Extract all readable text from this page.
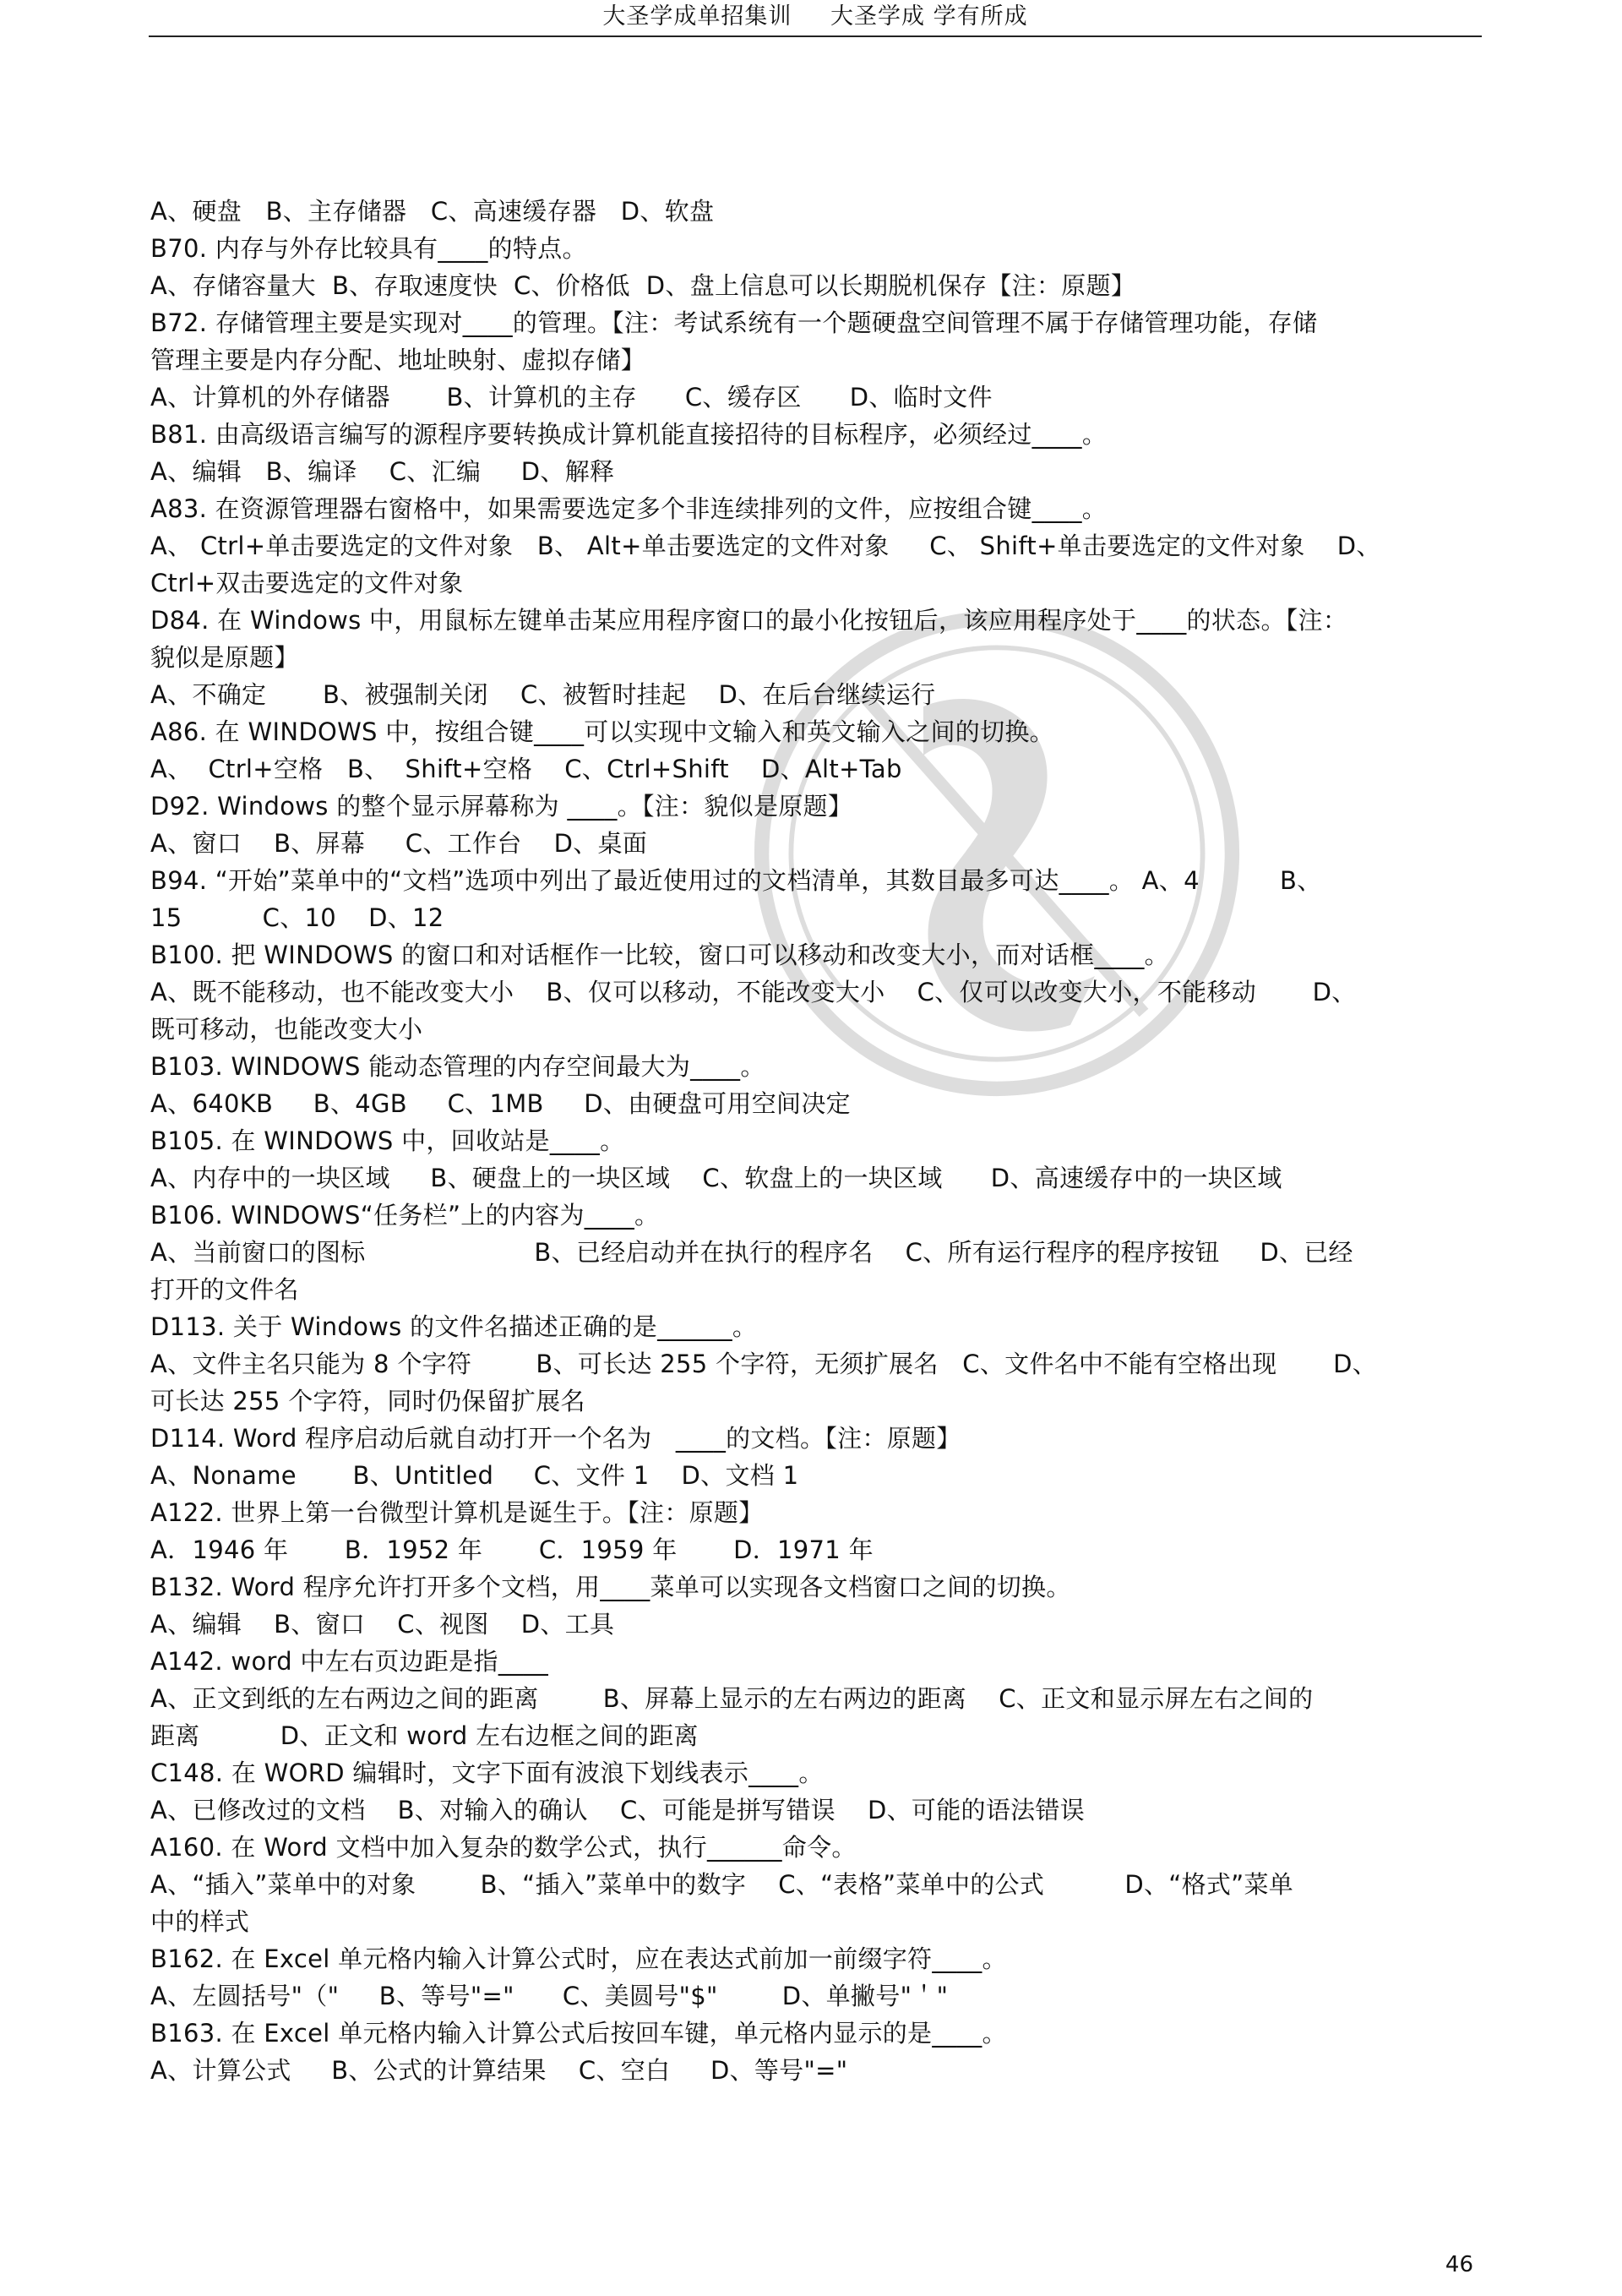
大圣学成单招集训 大圣学成 学有所成
A、硬盘   B、主存储器   C、高速缓存器   D、软盘
B70. 内存与外存比较具有____的特点。
A、存储容量大  B、存取速度快  C、价格低  D、盘上信息可以长期脱机保存【注：原题】
B72. 存储管理主要是实现对____的管理。【注：考试系统有一个题硬盘空间管理不属于存储管理功能，存储
管理主要是内存分配、地址映射、虚拟存储】
A、计算机的外存储器       B、计算机的主存      C、缓存区      D、临时文件
B81. 由高级语言编写的源程序要转换成计算机能直接招待的目标程序，必须经过____。
A、编辑   B、编译    C、汇编     D、解释
A83. 在资源管理器右窗格中，如果需要选定多个非连续排列的文件，应按组合键____。
A、 Ctrl+单击要选定的文件对象   B、 Alt+单击要选定的文件对象     C、 Shift+单击要选定的文件对象    D、
Ctrl+双击要选定的文件对象
D84. 在 Windows 中，用鼠标左键单击某应用程序窗口的最小化按钮后，该应用程序处于____的状态。【注：
貌似是原题】
A、不确定       B、被强制关闭    C、被暂时挂起    D、在后台继续运行
A86. 在 WINDOWS 中，按组合键____可以实现中文输入和英文输入之间的切换。
A、  Ctrl+空格   B、  Shift+空格    C、Ctrl+Shift    D、Alt+Tab
D92. Windows 的整个显示屏幕称为 ____。【注：貌似是原题】
A、窗口    B、屏幕     C、工作台    D、桌面
B94. “开始”菜单中的“文档”选项中列出了最近使用过的文档清单，其数目最多可达____。 A、4          B、
15          C、10    D、12
B100. 把 WINDOWS 的窗口和对话框作一比较，窗口可以移动和改变大小，而对话框____。
A、既不能移动，也不能改变大小    B、仅可以移动，不能改变大小    C、仅可以改变大小，不能移动       D、
既可移动，也能改变大小
B103. WINDOWS 能动态管理的内存空间最大为____。
A、640KB     B、4GB     C、1MB     D、由硬盘可用空间决定
B105. 在 WINDOWS 中，回收站是____。
A、内存中的一块区域     B、硬盘上的一块区域    C、软盘上的一块区域      D、高速缓存中的一块区域
B106. WINDOWS“任务栏”上的内容为____。
A、当前窗口的图标                     B、已经启动并在执行的程序名    C、所有运行程序的程序按钮     D、已经
打开的文件名
D113. 关于 Windows 的文件名描述正确的是______。
A、文件主名只能为 8 个字符        B、可长达 255 个字符，无须扩展名   C、文件名中不能有空格出现       D、
可长达 255 个字符，同时仍保留扩展名
D114. Word 程序启动后就自动打开一个名为   ____的文档。【注：原题】
A、Noname       B、Untitled     C、文件 1    D、文档 1
A122. 世界上第一台微型计算机是诞生于。【注：原题】
A．1946 年       B．1952 年       C．1959 年       D．1971 年
B132. Word 程序允许打开多个文档，用____菜单可以实现各文档窗口之间的切换。
A、编辑    B、窗口    C、视图    D、工具
A142. word 中左右页边距是指____
A、正文到纸的左右两边之间的距离        B、屏幕上显示的左右两边的距离    C、正文和显示屏左右之间的
距离          D、正文和 word 左右边框之间的距离
C148. 在 WORD 编辑时，文字下面有波浪下划线表示____。
A、已修改过的文档    B、对输入的确认    C、可能是拼写错误    D、可能的语法错误
A160. 在 Word 文档中加入复杂的数学公式，执行______命令。
A、“插入”菜单中的对象        B、“插入”菜单中的数字    C、“表格”菜单中的公式          D、“格式”菜单
中的样式
B162. 在 Excel 单元格内输入计算公式时，应在表达式前加一前缀字符____。
A、左圆括号"（"     B、等号"="      C、美圆号"$"        D、单撇号"＇"
B163. 在 Excel 单元格内输入计算公式后按回车键，单元格内显示的是____。
A、计算公式     B、公式的计算结果    C、空白     D、等号"="
46
